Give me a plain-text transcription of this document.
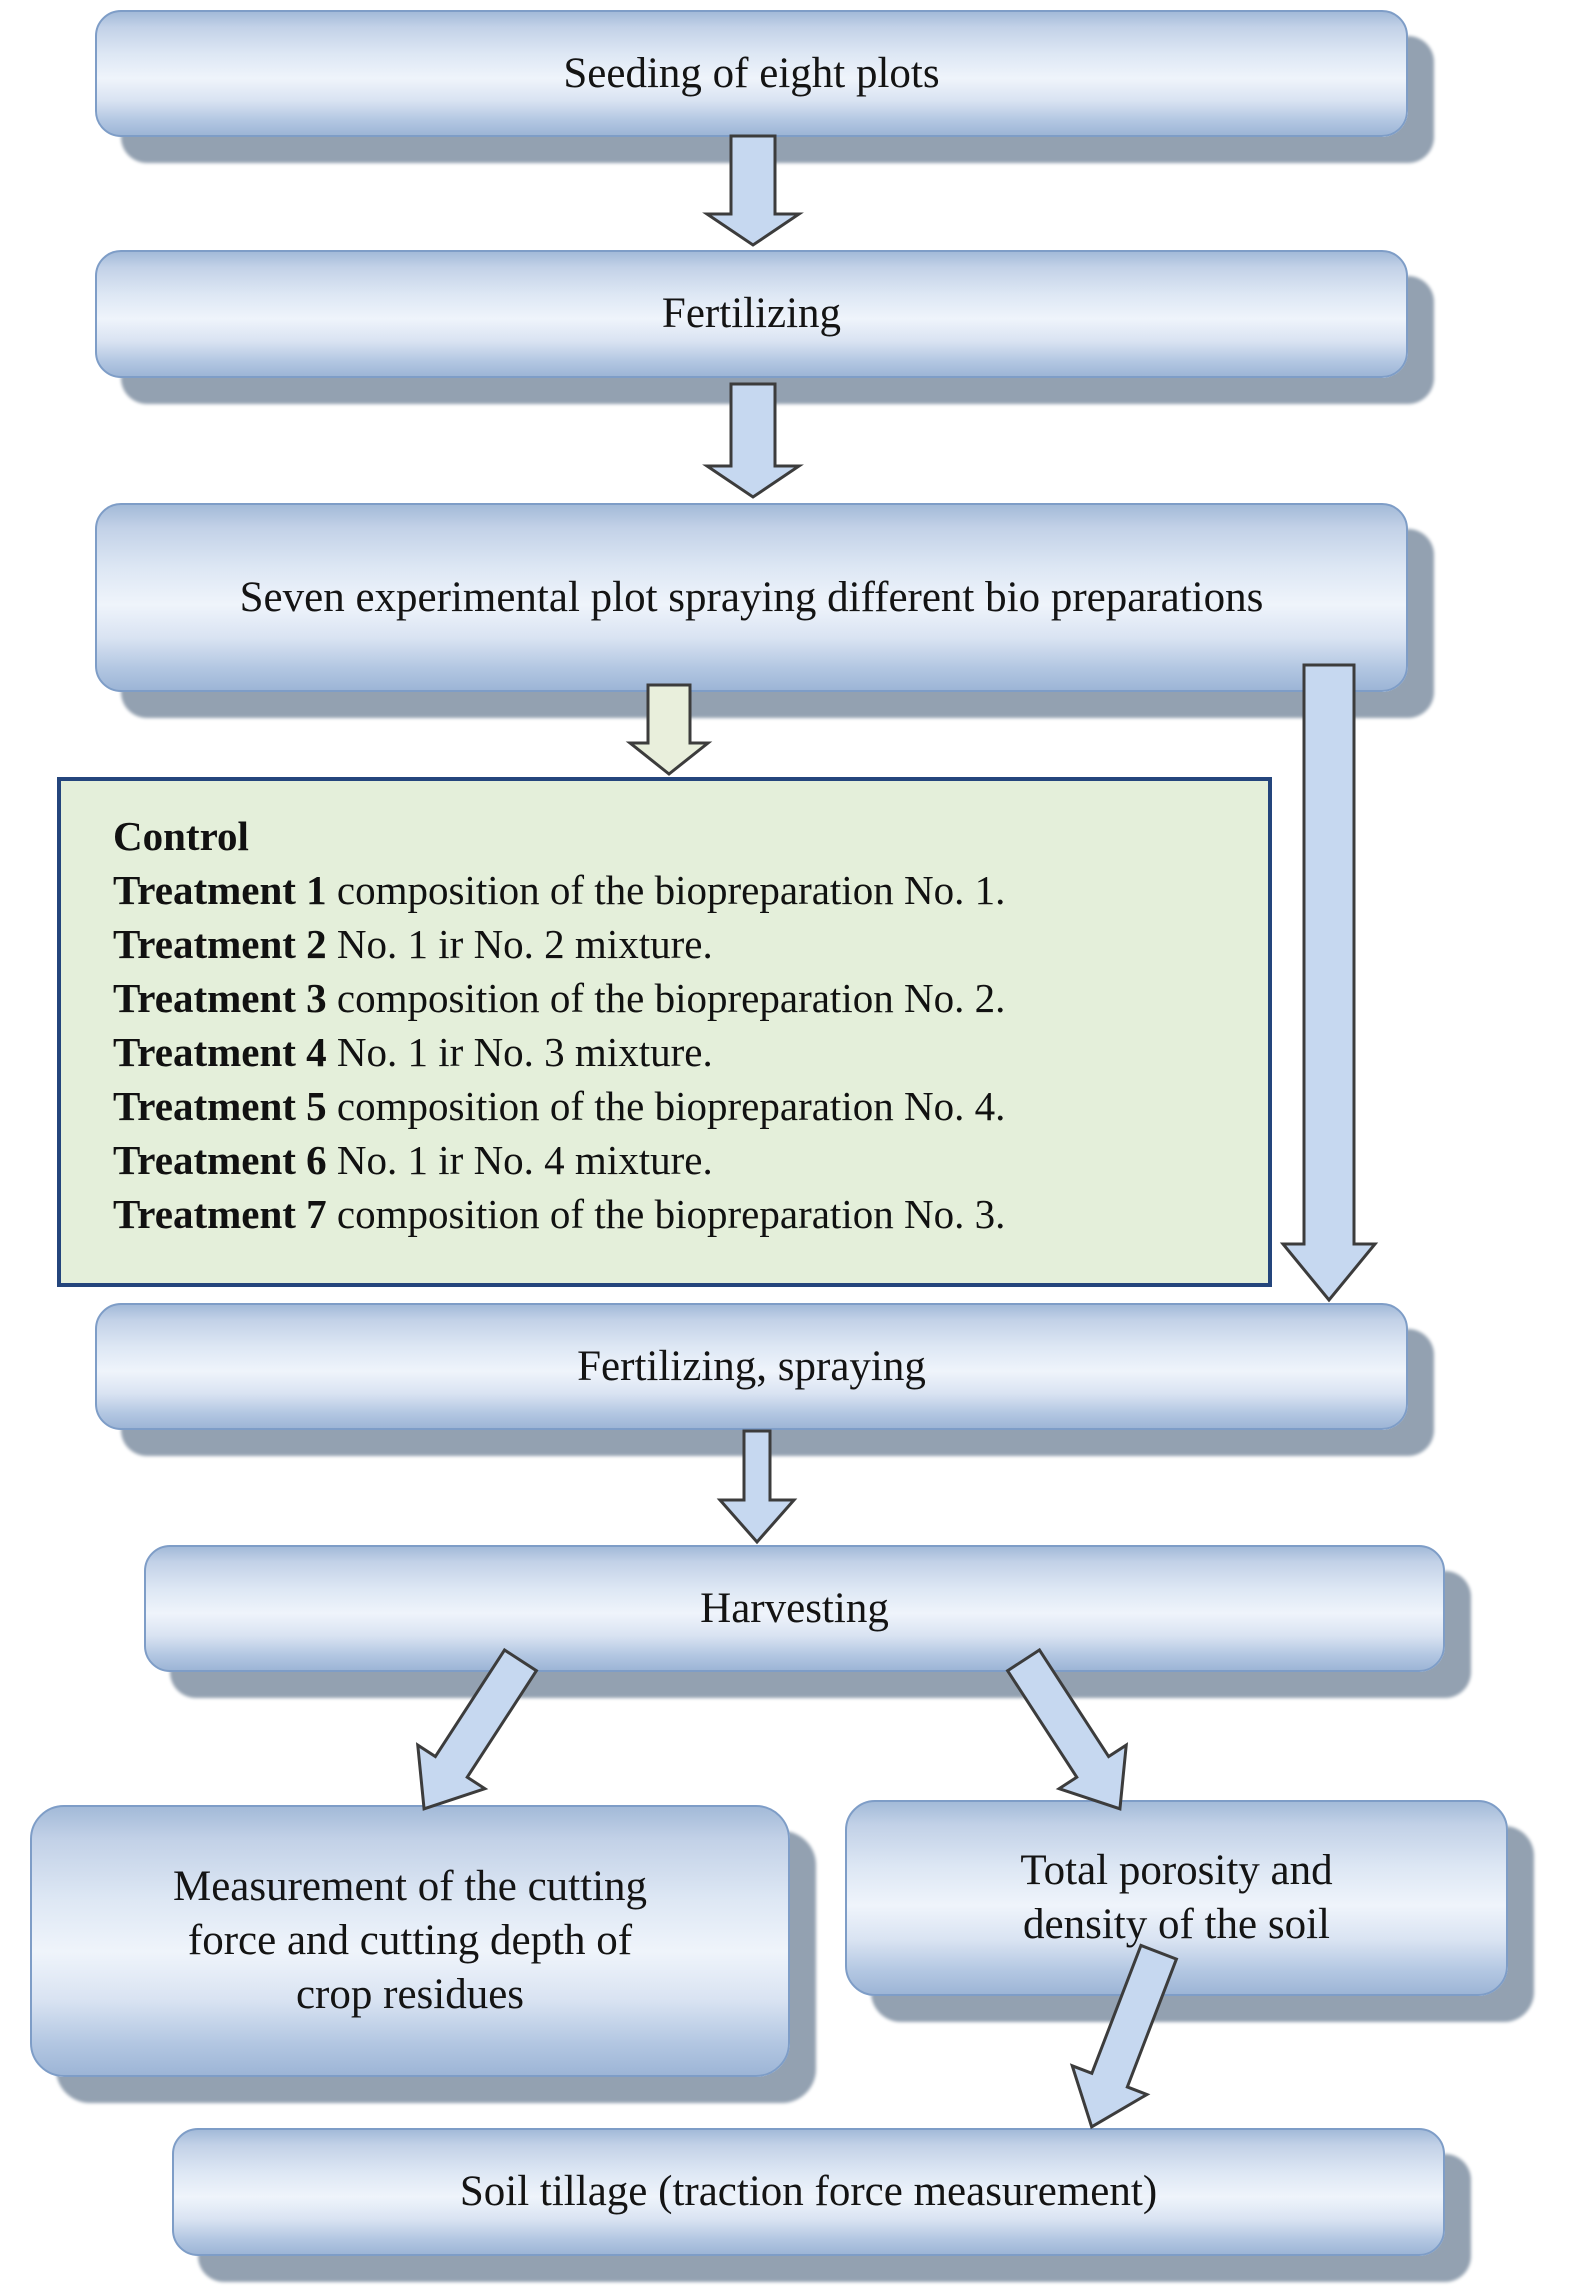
Seeding of eight plots
Fertilizing
Seven experimental plot spraying different bio preparations
Control
Treatment 1 composition of the biopreparation No. 1.
Treatment 2 No. 1 ir No. 2 mixture.
Treatment 3 composition of the biopreparation No. 2.
Treatment 4 No. 1 ir No. 3 mixture.
Treatment 5 composition of the biopreparation No. 4.
Treatment 6 No. 1 ir No. 4 mixture.
Treatment 7 composition of the biopreparation No. 3.
Fertilizing, spraying
Harvesting
Measurement of the cutting force and cutting depth of crop residues
Total porosity and density of the soil
Soil tillage (traction force measurement)
